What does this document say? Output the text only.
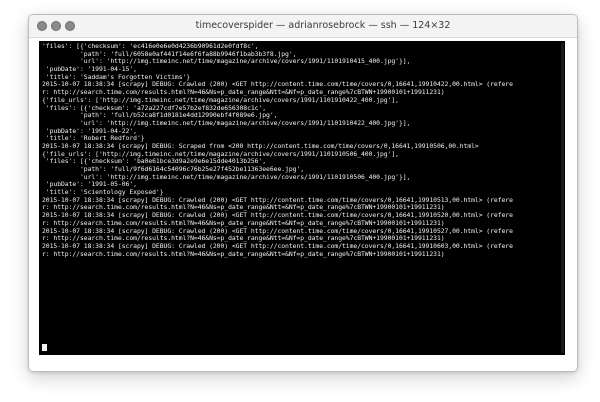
timecoverspider — adrianrosebrock — ssh — 124×32
'files': [{'checksum': 'ec416e0e6e0d4236b90961d2e0fdf8c',
'path': 'full/6058e0af441f14e6f6fa88b9946f1bab3b3f8.jpg',
'url': 'http://img.timeinc.net/time/magazine/archive/covers/1991/1101910415_400.jpg'}],
'pubDate': '1991-04-15',
'title': 'Saddam's Forgotten Victims'}
2015-10-07 18:38:34 [scrapy] DEBUG: Crawled (200) <GET http://content.time.com/time/covers/0,16641,19910422,00.html> (refere
r: http://search.time.com/results.html?N=46&Ns=p_date_range&Ntt=&Nf=p_date_range%7cBTWN+19900101+19911231)
{'file_urls': ['http://img.timeinc.net/time/magazine/archive/covers/1991/1101910422_400.jpg'],
'files': [{'checksum': 'a72a227cdf7e57b2ef832de656308c1c',
'path': 'full/b52ca8f1d0181e4dd12990ebf4f089e6.jpg',
'url': 'http://img.timeinc.net/time/magazine/archive/covers/1991/1101910422_400.jpg'}],
'pubDate': '1991-04-22',
'title': 'Robert Redford'}
2015-10-07 18:38:34 [scrapy] DEBUG: Scraped from <200 http://content.time.com/time/covers/0,16641,19910506,00.html>
{'file_urls': ['http://img.timeinc.net/time/magazine/archive/covers/1991/1101910506_400.jpg'],
'files': [{'checksum': 'ba0e61bce3d9a2e9e6e15dde4013b256',
'path': 'full/9f6d6164c54096c76b25e27f452be11363ee6ee.jpg',
'url': 'http://img.timeinc.net/time/magazine/archive/covers/1991/1101910506_400.jpg'}],
'pubDate': '1991-05-06',
'title': 'Scientology Exposed'}
2015-10-07 18:38:34 [scrapy] DEBUG: Crawled (200) <GET http://content.time.com/time/covers/0,16641,19910513,00.html> (refere
r: http://search.time.com/results.html?N=46&Ns=p_date_range&Ntt=&Nf=p_date_range%7cBTWN+19900101+19911231)
2015-10-07 18:38:34 [scrapy] DEBUG: Crawled (200) <GET http://content.time.com/time/covers/0,16641,19910520,00.html> (refere
r: http://search.time.com/results.html?N=46&Ns=p_date_range&Ntt=&Nf=p_date_range%7cBTWN+19900101+19911231)
2015-10-07 18:38:34 [scrapy] DEBUG: Crawled (200) <GET http://content.time.com/time/covers/0,16641,19910527,00.html> (refere
r: http://search.time.com/results.html?N=46&Ns=p_date_range&Ntt=&Nf=p_date_range%7cBTWN+19900101+19911231)
2015-10-07 18:38:34 [scrapy] DEBUG: Crawled (200) <GET http://content.time.com/time/covers/0,16641,19910603,00.html> (refere
r: http://search.time.com/results.html?N=46&Ns=p_date_range&Ntt=&Nf=p_date_range%7cBTWN+19900101+19911231)
